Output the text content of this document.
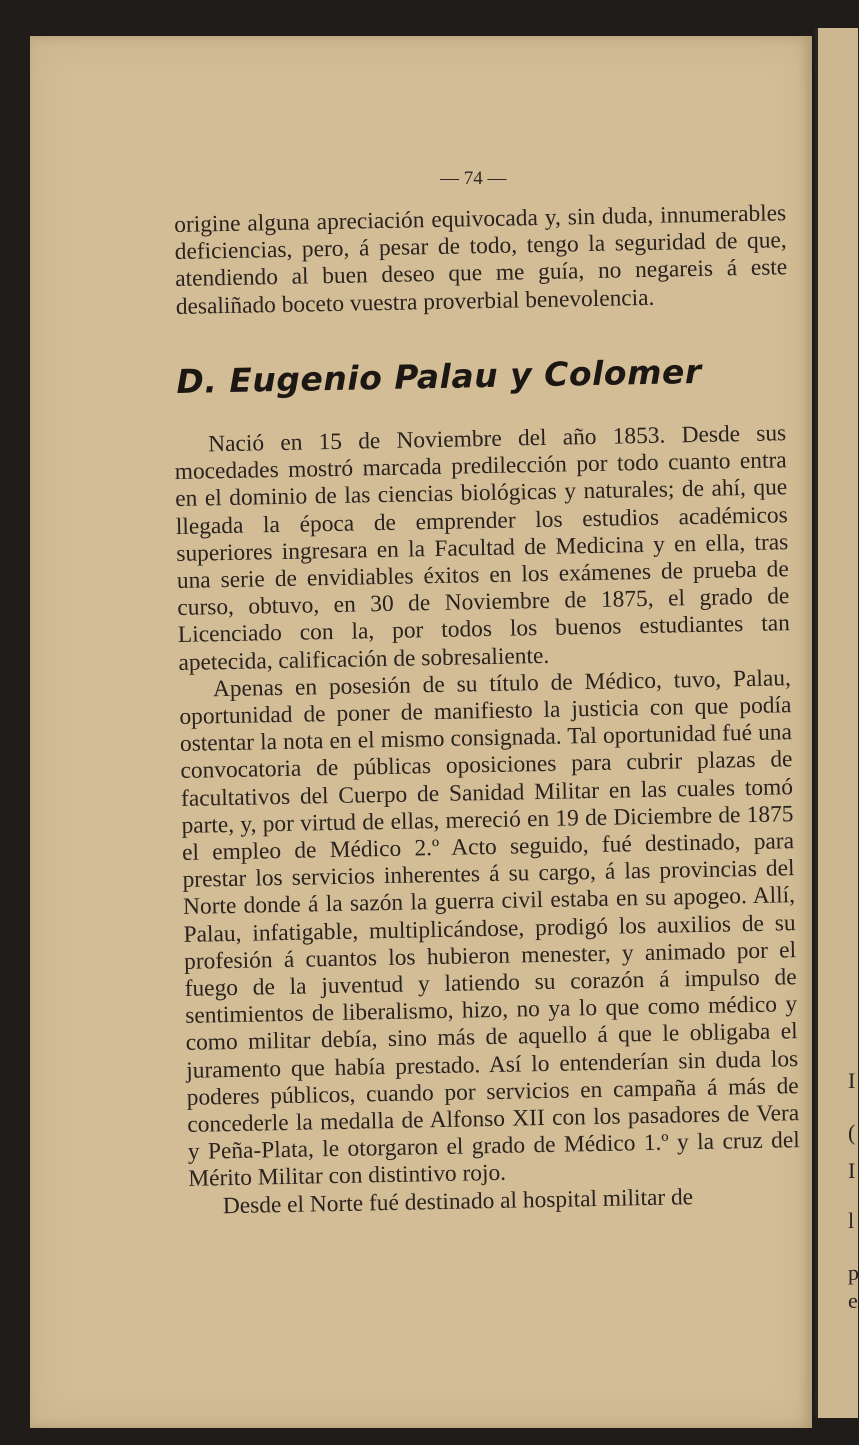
I
(
I
l
p
e
— 74 —

origine alguna apreciación equivocada y, sin duda, innumerables deficiencias, pero, á pesar de todo, tengo la seguridad de que, atendiendo al buen deseo que me guía, no negareis á este desaliñado boceto vuestra proverbial benevolencia.

D. Eugenio Palau y Colomer

Nació en 15 de Noviembre del año 1853. Desde sus mocedades mostró marcada predilección por todo cuanto entra en el dominio de las ciencias biológicas y naturales; de ahí, que llegada la época de emprender los estudios académicos superiores ingresara en la Facultad de Medicina y en ella, tras una serie de envidiables éxitos en los exámenes de prueba de curso, obtuvo, en 30 de Noviembre de 1875, el grado de Licenciado con la, por todos los buenos estudiantes tan apetecida, calificación de sobresaliente.

Apenas en posesión de su título de Médico, tuvo, Palau, oportunidad de poner de manifiesto la justicia con que podía ostentar la nota en el mismo consignada. Tal oportunidad fué una convocatoria de públicas oposiciones para cubrir plazas de facultativos del Cuerpo de Sanidad Militar en las cuales tomó parte, y, por virtud de ellas, mereció en 19 de Diciembre de 1875 el empleo de Médico 2.º Acto seguido, fué destinado, para prestar los servicios inherentes á su cargo, á las provincias del Norte donde á la sazón la guerra civil estaba en su apogeo. Allí, Palau, infatigable, multiplicándose, prodigó los auxilios de su profesión á cuantos los hubieron menester, y animado por el fuego de la juventud y latiendo su corazón á impulso de sentimientos de liberalismo, hizo, no ya lo que como médico y como militar debía, sino más de aquello á que le obligaba el juramento que había prestado. Así lo entenderían sin duda los poderes públicos, cuando por servicios en campaña á más de concederle la medalla de Alfonso XII con los pasadores de Vera y Peña-Plata, le otorgaron el grado de Médico 1.º y la cruz del Mérito Militar con distintivo rojo.

Desde el Norte fué destinado al hospital militar de
